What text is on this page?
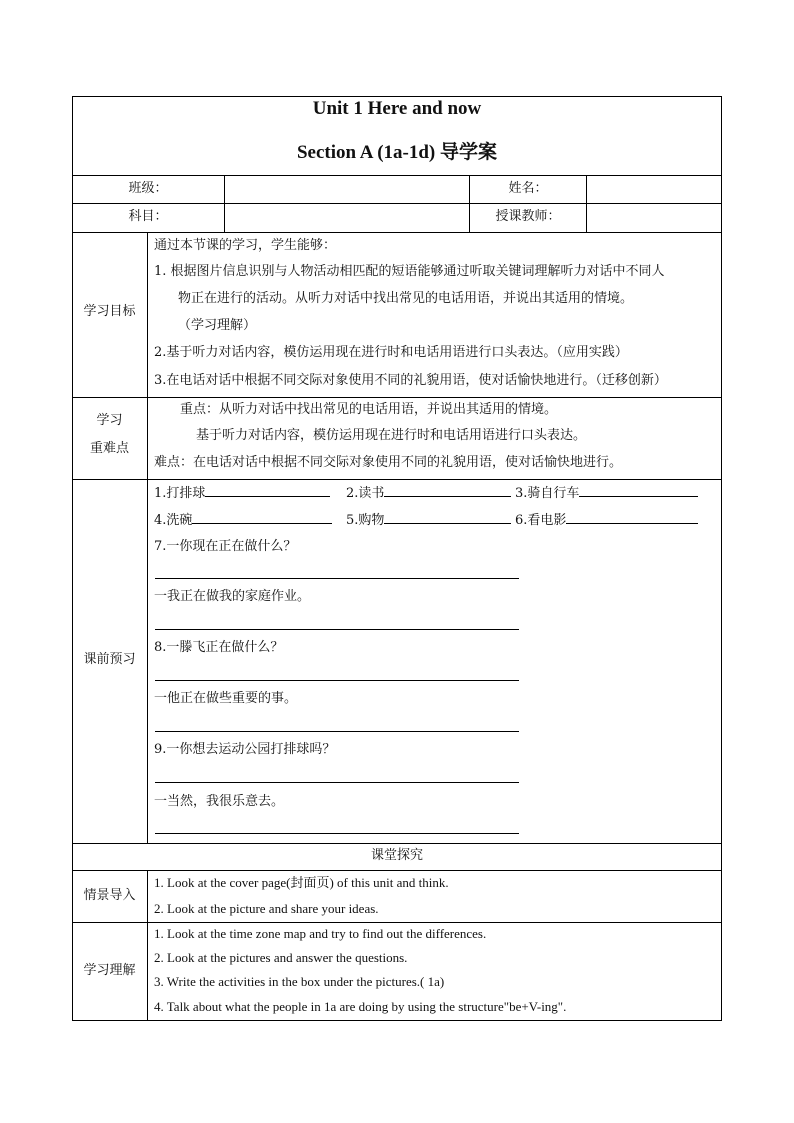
Unit 1 Here and now
Section A (1a-1d) 导学案
班级：	姓名：
科目：	授课教师：
学习目标
通过本节课的学习，学生能够：
1. 根据图片信息识别与人物活动相匹配的短语能够通过听取关键词理解听力对话中不同人
物正在进行的活动。从听力对话中找出常见的电话用语，并说出其适用的情境。
（学习理解）
2.基于听力对话内容，模仿运用现在进行时和电话用语进行口头表达。（应用实践）
3.在电话对话中根据不同交际对象使用不同的礼貌用语，使对话愉快地进行。（迁移创新）
学习
重难点
重点：从听力对话中找出常见的电话用语，并说出其适用的情境。
基于听力对话内容，模仿运用现在进行时和电话用语进行口头表达。
难点：在电话对话中根据不同交际对象使用不同的礼貌用语，使对话愉快地进行。
课前预习
1.打排球	2.读书	3.骑自行车
4.洗碗	5.购物	6.看电影
7.一你现在正在做什么？
一我正在做我的家庭作业。
8.一滕飞正在做什么？
一他正在做些重要的事。
9.一你想去运动公园打排球吗？
一当然，我很乐意去。
课堂探究
情景导入
1. Look at the cover page(封面页) of this unit and think.
2. Look at the picture and share your ideas.
学习理解
1. Look at the time zone map and try to find out the differences.
2. Look at the pictures and answer the questions.
3. Write the activities in the box under the pictures.( 1a)
4. Talk about what the people in 1a are doing by using the structure"be+V-ing".
